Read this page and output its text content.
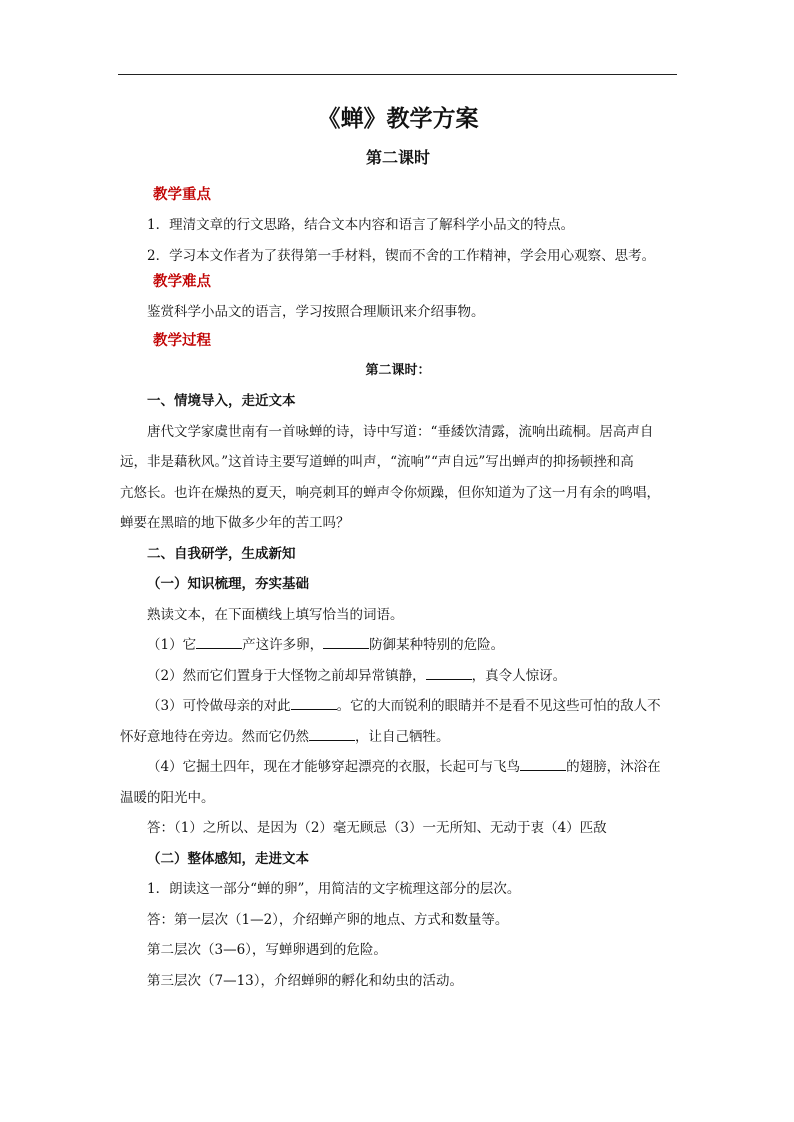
《蝉》教学方案
第二课时

教学重点

1．理清文章的行文思路，结合文本内容和语言了解科学小品文的特点。

2．学习本文作者为了获得第一手材料，锲而不舍的工作精神，学会用心观察、思考。

教学难点

鉴赏科学小品文的语言，学习按照合理顺讯来介绍事物。

教学过程

第二课时：

一、情境导入，走近文本

唐代文学家虞世南有一首咏蝉的诗，诗中写道：“垂緌饮清露，流响出疏桐。居高声自

远，非是藉秋风。”这首诗主要写道蝉的叫声，“流响”“声自远”写出蝉声的抑扬顿挫和高

亢悠长。也许在燥热的夏天，响亮刺耳的蝉声令你烦躁，但你知道为了这一月有余的鸣唱，

蝉要在黑暗的地下做多少年的苦工吗？

二、自我研学，生成新知

（一）知识梳理，夯实基础

熟读文本，在下面横线上填写恰当的词语。

（1）它	产这许多卵，	防御某种特别的危险。

（2）然而它们置身于大怪物之前却异常镇静，	，真令人惊讶。

（3）可怜做母亲的对此	。它的大而锐利的眼睛并不是看不见这些可怕的敌人不

怀好意地待在旁边。然而它仍然	，让自己牺牲。

（4）它掘土四年，现在才能够穿起漂亮的衣服，长起可与飞鸟	的翅膀，沐浴在

温暖的阳光中。

答：（1）之所以、是因为（2）毫无顾忌（3）一无所知、无动于衷（4）匹敌

（二）整体感知，走进文本

1．朗读这一部分“蝉的卵”，用简洁的文字梳理这部分的层次。

答：第一层次（1—2），介绍蝉产卵的地点、方式和数量等。

第二层次（3—6），写蝉卵遇到的危险。

第三层次（7—13），介绍蝉卵的孵化和幼虫的活动。
